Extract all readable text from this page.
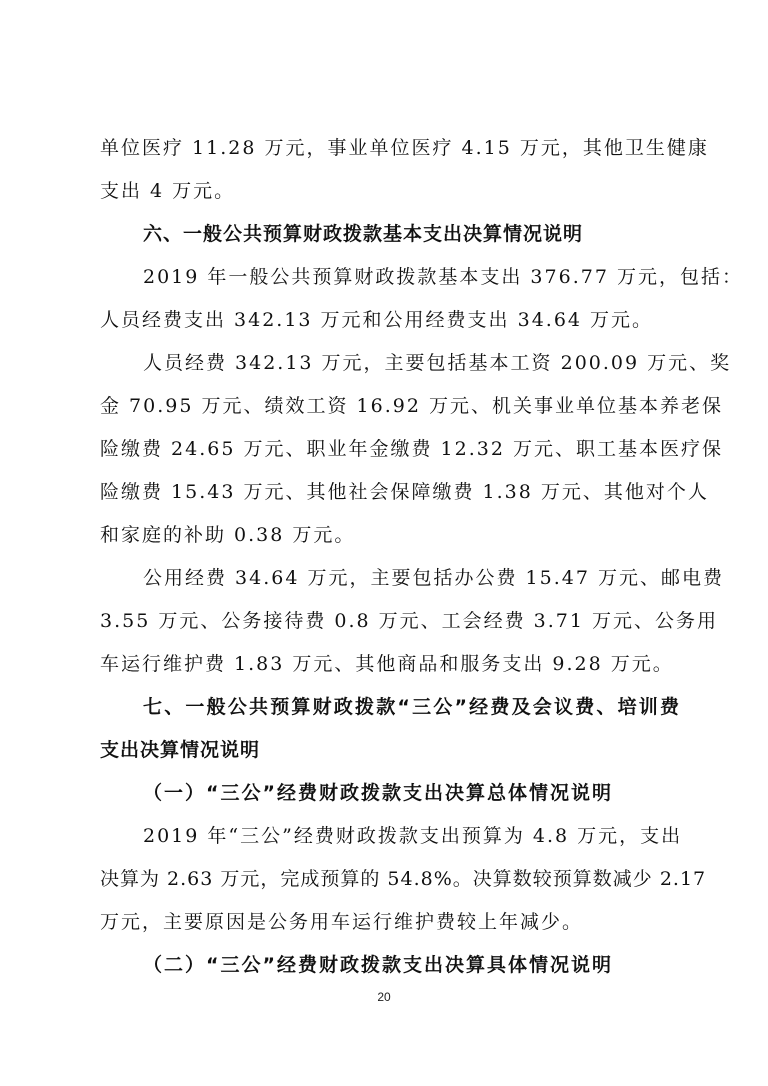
单位医疗 11.28 万元，事业单位医疗 4.15 万元，其他卫生健康
支出 4 万元。
六、一般公共预算财政拨款基本支出决算情况说明
2019 年一般公共预算财政拨款基本支出 376.77 万元，包括：
人员经费支出 342.13 万元和公用经费支出 34.64 万元。
人员经费 342.13 万元，主要包括基本工资 200.09 万元、奖
金 70.95 万元、绩效工资 16.92 万元、机关事业单位基本养老保
险缴费 24.65 万元、职业年金缴费 12.32 万元、职工基本医疗保
险缴费 15.43 万元、其他社会保障缴费 1.38 万元、其他对个人
和家庭的补助 0.38 万元。
公用经费 34.64 万元，主要包括办公费 15.47 万元、邮电费
3.55 万元、公务接待费 0.8 万元、工会经费 3.71 万元、公务用
车运行维护费 1.83 万元、其他商品和服务支出 9.28 万元。
七、一般公共预算财政拨款“三公”经费及会议费、培训费
支出决算情况说明
（一）“三公”经费财政拨款支出决算总体情况说明
2019 年“三公”经费财政拨款支出预算为 4.8 万元，支出
决算为 2.63 万元，完成预算的 54.8%。决算数较预算数减少 2.17
万元，主要原因是公务用车运行维护费较上年减少。
（二）“三公”经费财政拨款支出决算具体情况说明
20
